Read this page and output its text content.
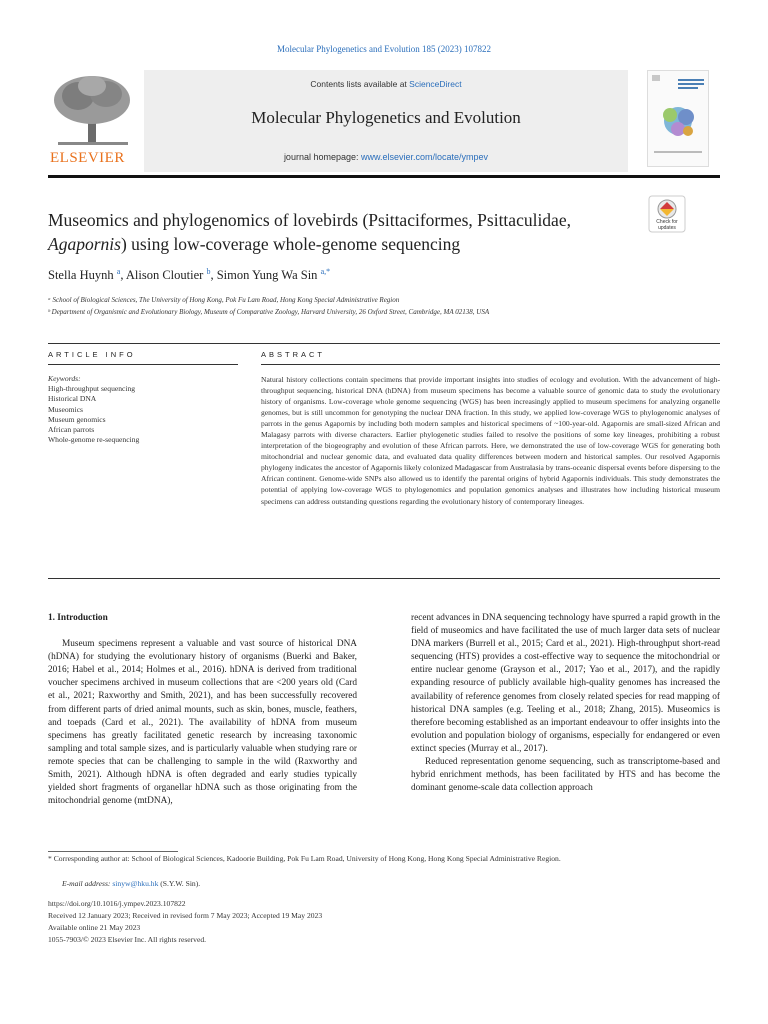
Molecular Phylogenetics and Evolution 185 (2023) 107822
ELSEVIER
Contents lists available at ScienceDirect
Molecular Phylogenetics and Evolution
journal homepage: www.elsevier.com/locate/ympev
Museomics and phylogenomics of lovebirds (Psittaciformes, Psittaculidae, Agapornis) using low-coverage whole-genome sequencing
Check for updates
Stella Huynh $^a$, Alison Cloutier $^b$, Simon Yung Wa Sin $^{a,*}$
ᵃ School of Biological Sciences, The University of Hong Kong, Pok Fu Lam Road, Hong Kong Special Administrative Region
ᵇ Department of Organismic and Evolutionary Biology, Museum of Comparative Zoology, Harvard University, 26 Oxford Street, Cambridge, MA 02138, USA
ARTICLE INFO	ABSTRACT
Keywords:
High-throughput sequencing
Historical DNA
Museomics
Museum genomics
African parrots
Whole-genome re-sequencing
Natural history collections contain specimens that provide important insights into studies of ecology and evolution. With the advancement of high-throughput sequencing, historical DNA (hDNA) from museum specimens has become a valuable source of genomic data to study the evolutionary history of organisms. Low-coverage whole genome sequencing (WGS) has been increasingly applied to museum specimens for analyzing organelle genomes, but is still uncommon for genotyping the nuclear DNA fraction. In this study, we applied low-coverage WGS to phylogenomic analyses of parrots in the genus Agapornis by including both modern samples and historical specimens of ~100-year-old. Agapornis are small-sized African and Malagasy parrots with diverse characters. Earlier phylogenetic studies failed to resolve the positions of some key lineages, prohibiting a robust interpretation of the biogeography and evolution of these African parrots. Here, we demonstrated the use of low-coverage WGS for generating both mitochondrial and nuclear genomic data, and evaluated data quality differences between modern and historical samples. Our resolved Agapornis phylogeny indicates the ancestor of Agapornis likely colonized Madagascar from Australasia by trans-oceanic dispersal events before dispersing to the African continent. Genome-wide SNPs also allowed us to identify the parental origins of hybrid Agapornis individuals. This study demonstrates the potential of applying low-coverage WGS to phylogenomics and population genomics analyses and illustrates how including historical museum specimens can address outstanding questions regarding the evolutionary history of contemporary lineages.
1. Introduction

Museum specimens represent a valuable and vast source of historical DNA (hDNA) for studying the evolutionary history of organisms (Buerki and Baker, 2016; Habel et al., 2014; Holmes et al., 2016). hDNA is derived from traditional voucher specimens archived in museum collections that are <200 years old (Card et al., 2021; Raxworthy and Smith, 2021), and has been successfully recovered from different parts of dried animal mounts, such as skin, bones, muscle, feathers, and toepads (Card et al., 2021). The availability of hDNA from museum specimens has greatly facilitated genetic research by increasing taxonomic sampling and total sample sizes, and is particularly valuable when studying rare or remote species that can be challenging to sample in the wild (Raxworthy and Smith, 2021). Although hDNA is often degraded and early studies typically yielded short fragments of organellar hDNA such as those originating from the mitochondrial genome (mtDNA),

recent advances in DNA sequencing technology have spurred a rapid growth in the field of museomics and have facilitated the use of much larger data sets of nuclear DNA markers (Burrell et al., 2015; Card et al., 2021). High-throughput short-read sequencing (HTS) provides a cost-effective way to sequence the mitochondrial or entire nuclear genome (Grayson et al., 2017; Yao et al., 2017), and the rapidly expanding resource of publicly available high-quality genomes has increased the availability of reference genomes from closely related species for read mapping of historical DNA samples (e.g. Teeling et al., 2018; Zhang, 2015). Museomics is therefore becoming established as an important endeavour to offer insights into the evolution and population biology of organisms, especially for endangered or even extinct species (Murray et al., 2017).

Reduced representation genome sequencing, such as transcriptome-based and hybrid enrichment methods, has been facilitated by HTS and has become the dominant genome-scale data collection approach

* Corresponding author at: School of Biological Sciences, Kadoorie Building, Pok Fu Lam Road, University of Hong Kong, Hong Kong Special Administrative Region.
E-mail address: sinyw@hku.hk (S.Y.W. Sin).
https://doi.org/10.1016/j.ympev.2023.107822
Received 12 January 2023; Received in revised form 7 May 2023; Accepted 19 May 2023
Available online 21 May 2023
1055-7903/© 2023 Elsevier Inc. All rights reserved.
